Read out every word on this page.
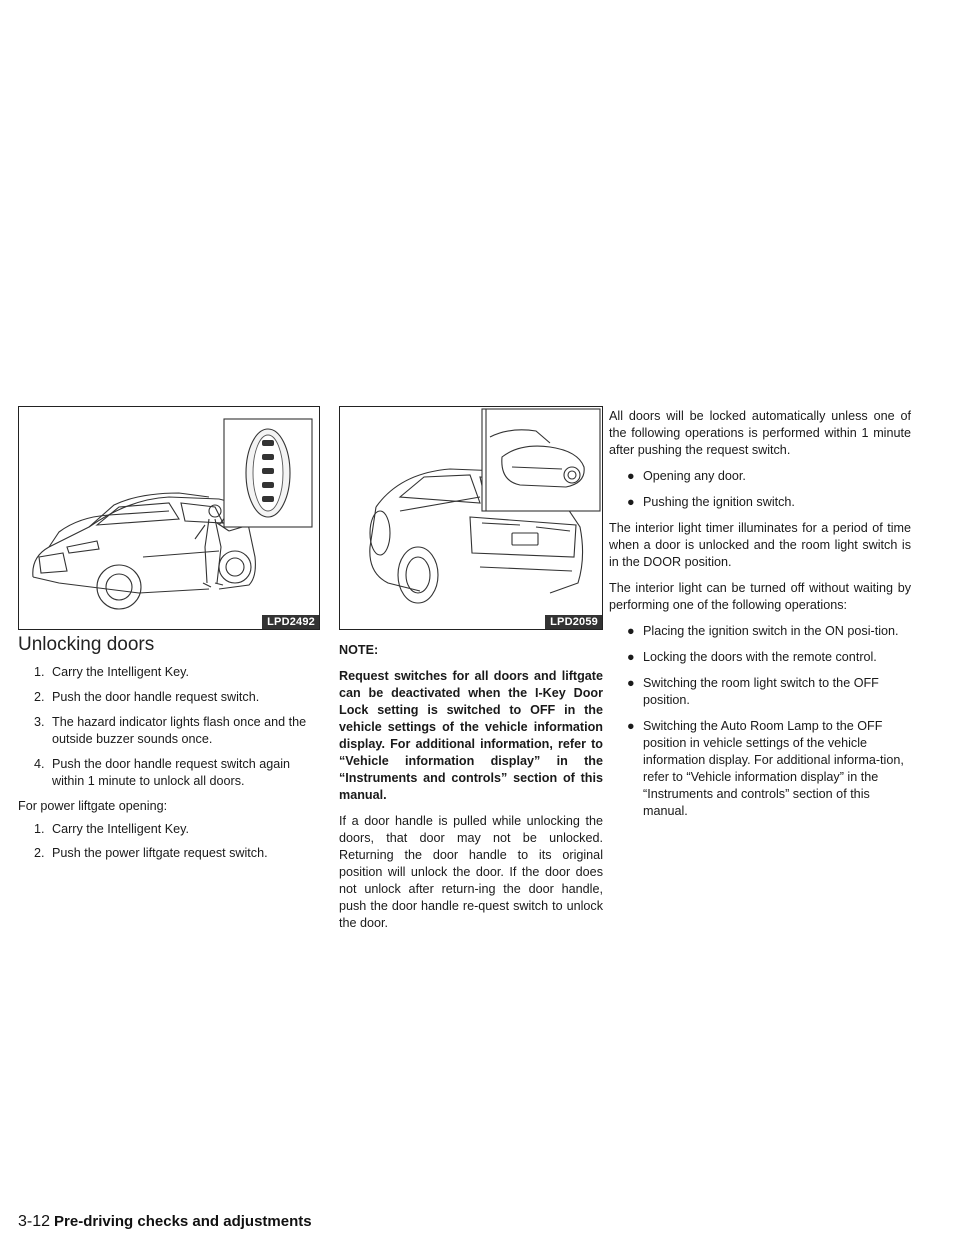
LPD2492
Unlocking doors
1. Carry the Intelligent Key.
2. Push the door handle request switch.
3. The hazard indicator lights flash once and the outside buzzer sounds once.
4. Push the door handle request switch again within 1 minute to unlock all doors.

For power liftgate opening:

1. Carry the Intelligent Key.
2. Push the power liftgate request switch.
LPD2059

NOTE:

Request switches for all doors and liftgate can be deactivated when the I-Key Door Lock setting is switched to OFF in the vehicle settings of the vehicle information display. For additional information, refer to “Vehicle information display” in the “Instruments and controls” section of this manual.

If a door handle is pulled while unlocking the doors, that door may not be unlocked. Returning the door handle to its original position will unlock the door. If the door does not unlock after return-ing the door handle, push the door handle re-quest switch to unlock the door.

All doors will be locked automatically unless one of the following operations is performed within 1 minute after pushing the request switch.

● Opening any door.
● Pushing the ignition switch.

The interior light timer illuminates for a period of time when a door is unlocked and the room light switch is in the DOOR position.

The interior light can be turned off without waiting by performing one of the following operations:

● Placing the ignition switch in the ON posi-tion.
● Locking the doors with the remote control.
● Switching the room light switch to the OFF position.
● Switching the Auto Room Lamp to the OFF position in vehicle settings of the vehicle information display. For additional informa-tion, refer to “Vehicle information display” in the “Instruments and controls” section of this manual.
3-12 Pre-driving checks and adjustments
